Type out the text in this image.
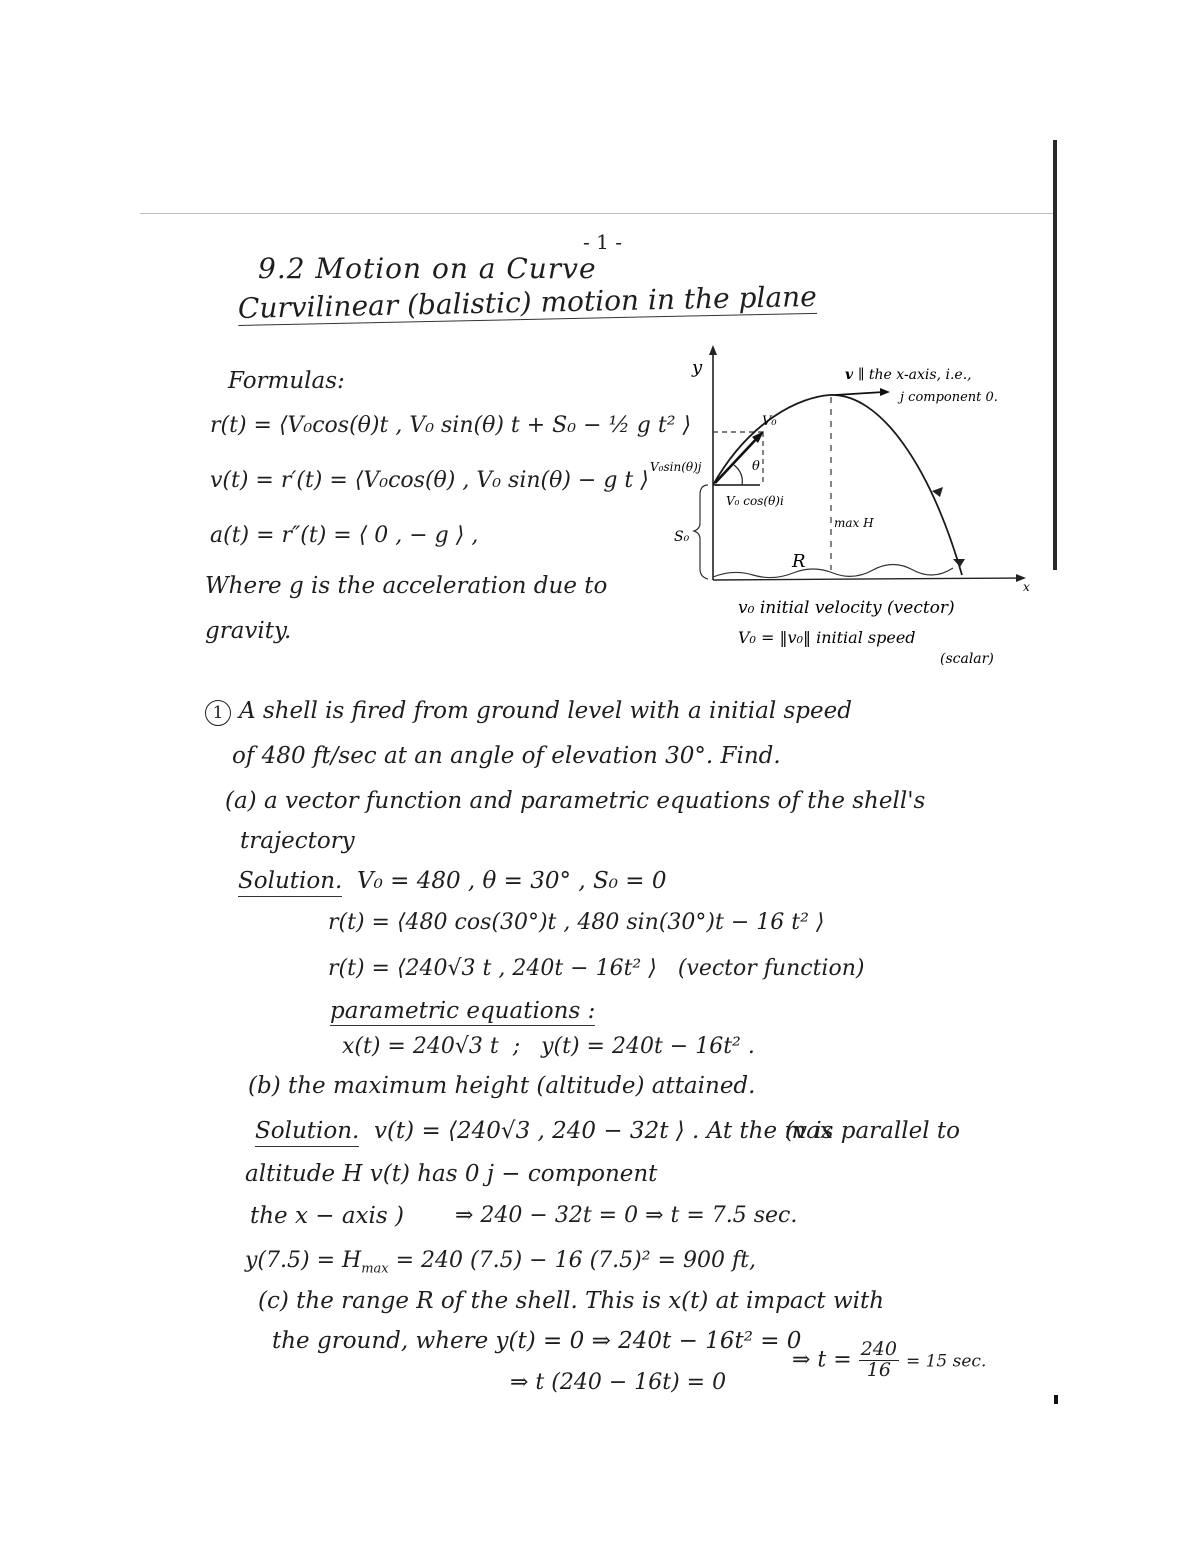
- 1 -
9.2 Motion on a Curve
Curvilinear (balistic) motion in the plane
Formulas:
r(t) = ⟨V₀cos(θ)t , V₀ sin(θ) t + S₀ − ½ g t² ⟩
v(t) = r′(t) = ⟨V₀cos(θ) , V₀ sin(θ) − g t ⟩
a(t) = r″(t) = ⟨ 0 , − g ⟩ ,
Where g is the acceleration due to
gravity.
y
x
S₀
θ
V₀
V₀sin(θ)j
V₀ cos(θ)i
max H
R
v ∥ the x-axis, i.e.,
j component 0.
v₀ initial velocity (vector)
V₀ = ‖v₀‖ initial speed
(scalar)
1 A shell is fired from ground level with a initial speed
of 480 ft/sec at an angle of elevation 30°. Find.
(a) a vector function and parametric equations of the shell's
trajectory
Solution. V₀ = 480 , θ = 30° , S₀ = 0
r(t) = ⟨480 cos(30°)t , 480 sin(30°)t − 16 t² ⟩
r(t) = ⟨240√3 t , 240t − 16t² ⟩ (vector function)
parametric equations :
x(t) = 240√3 t ; y(t) = 240t − 16t² .
(b) the maximum height (altitude) attained.
Solution. v(t) = ⟨240√3 , 240 − 32t ⟩ . At the max
(v is parallel to
altitude H v(t) has 0 j − component
the x − axis ) ⇒ 240 − 32t = 0 ⇒ t = 7.5 sec.
$y(7.5) = H_{max} = 240$ (7.5) − 16 (7.5)² = 900 ft,
(c) the range R of the shell. This is x(t) at impact with
the ground, where y(t) = 0 ⇒ 240t − 16t² = 0
⇒ t (240 − 16t) = 0
⇒ $t = \frac{240}{16} = 15$ sec.
